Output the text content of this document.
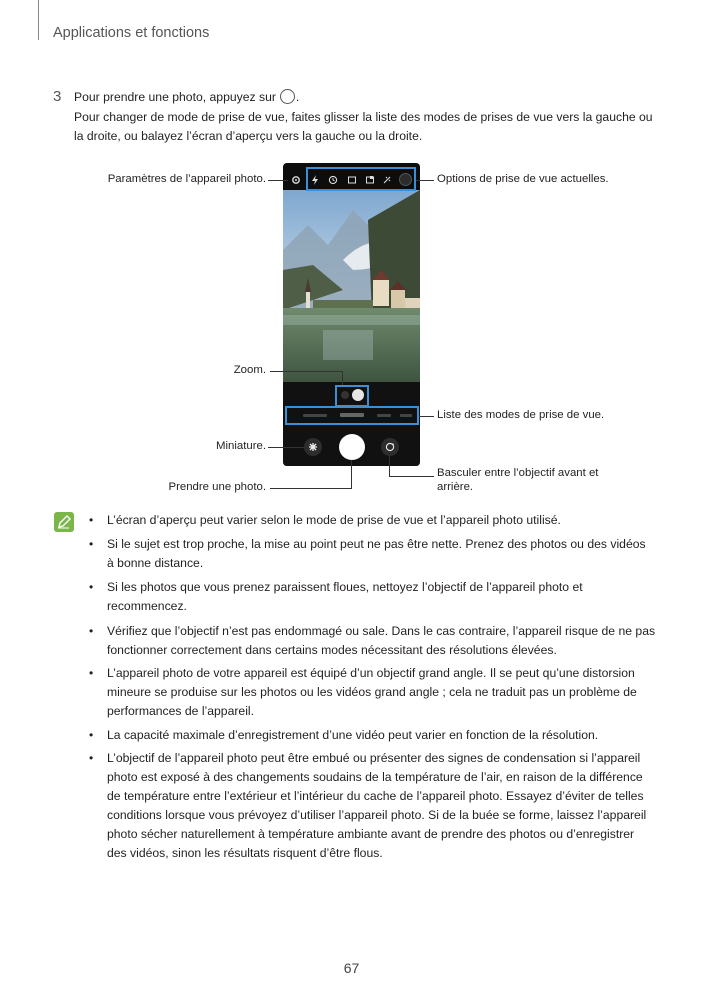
Applications et fonctions
3 Pour prendre une photo, appuyez sur .
Pour changer de mode de prise de vue, faites glisser la liste des modes de prises de vue vers la gauche ou
la droite, ou balayez l’écran d’aperçu vers la gauche ou la droite.
Paramètres de l’appareil photo.	Options de prise de vue actuelles.
Zoom.
Liste des modes de prise de vue.
Miniature.
Basculer entre l’objectif avant et
arrière.
Prendre une photo.
• L’écran d’aperçu peut varier selon le mode de prise de vue et l’appareil photo utilisé.
• Si le sujet est trop proche, la mise au point peut ne pas être nette. Prenez des photos ou des vidéos
à bonne distance.
• Si les photos que vous prenez paraissent floues, nettoyez l’objectif de l’appareil photo et
recommencez.
• Vérifiez que l’objectif n’est pas endommagé ou sale. Dans le cas contraire, l’appareil risque de ne pas
fonctionner correctement dans certains modes nécessitant des résolutions élevées.
• L’appareil photo de votre appareil est équipé d’un objectif grand angle. Il se peut qu’une distorsion
mineure se produise sur les photos ou les vidéos grand angle ; cela ne traduit pas un problème de
performances de l’appareil.
• La capacité maximale d’enregistrement d’une vidéo peut varier en fonction de la résolution.
• L’objectif de l’appareil photo peut être embué ou présenter des signes de condensation si l’appareil
photo est exposé à des changements soudains de la température de l’air, en raison de la différence
de température entre l’extérieur et l’intérieur du cache de l’appareil photo. Essayez d’éviter de telles
conditions lorsque vous prévoyez d’utiliser l’appareil photo. Si de la buée se forme, laissez l’appareil
photo sécher naturellement à température ambiante avant de prendre des photos ou d’enregistrer
des vidéos, sinon les résultats risquent d’être flous.
67
